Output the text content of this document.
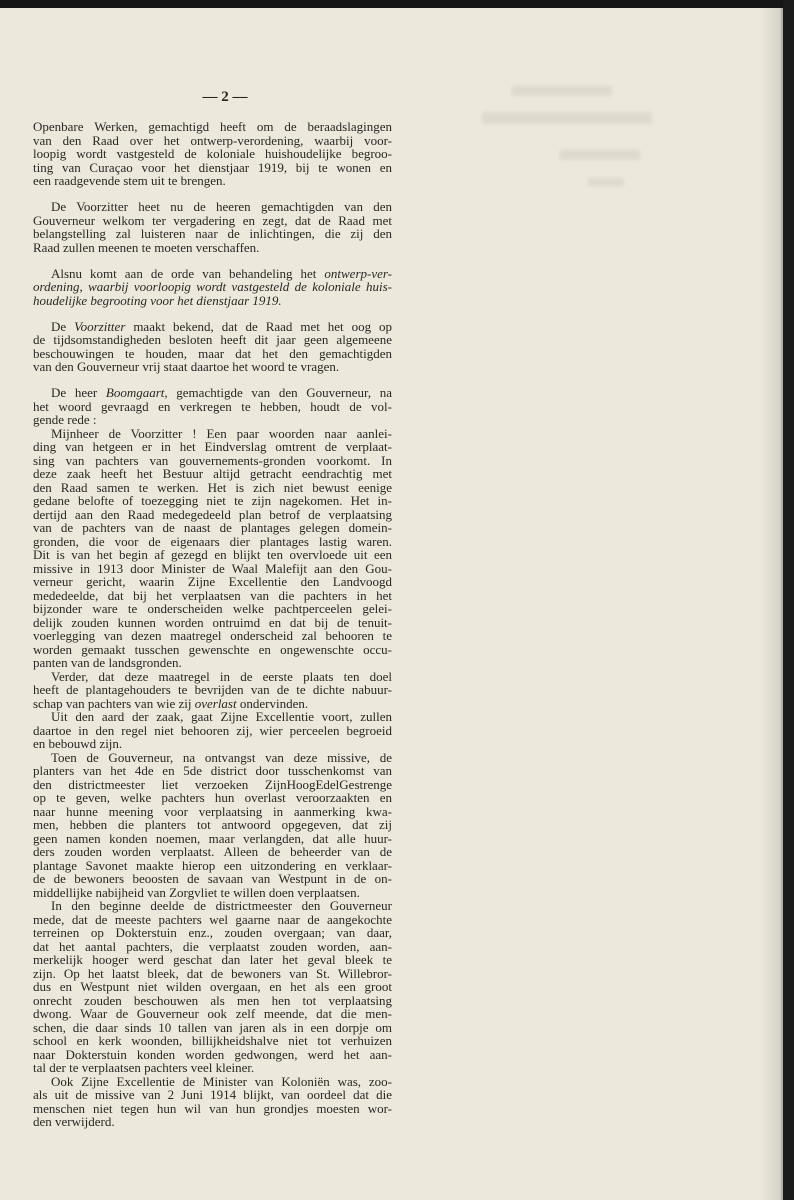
— 2 —
Openbare Werken, gemachtigd heeft om de beraadslagingen
van den Raad over het ontwerp-verordening, waarbij voor-
loopig wordt vastgesteld de koloniale huishoudelijke begroo-
ting van Curaçao voor het dienstjaar 1919, bij te wonen en
een raadgevende stem uit te brengen.
De Voorzitter heet nu de heeren gemachtigden van den
Gouverneur welkom ter vergadering en zegt, dat de Raad met
belangstelling zal luisteren naar de inlichtingen, die zij den
Raad zullen meenen te moeten verschaffen.
Alsnu komt aan de orde van behandeling het ontwerp-ver-
ordening, waarbij voorloopig wordt vastgesteld de koloniale huis-
houdelijke begrooting voor het dienstjaar 1919.
De Voorzitter maakt bekend, dat de Raad met het oog op
de tijdsomstandigheden besloten heeft dit jaar geen algemeene
beschouwingen te houden, maar dat het den gemachtigden
van den Gouverneur vrij staat daartoe het woord te vragen.
De heer Boomgaart, gemachtigde van den Gouverneur, na
het woord gevraagd en verkregen te hebben, houdt de vol-
gende rede :
Mijnheer de Voorzitter ! Een paar woorden naar aanlei-
ding van hetgeen er in het Eindverslag omtrent de verplaat-
sing van pachters van gouvernements-gronden voorkomt. In
deze zaak heeft het Bestuur altijd getracht eendrachtig met
den Raad samen te werken. Het is zich niet bewust eenige
gedane belofte of toezegging niet te zijn nagekomen. Het in-
dertijd aan den Raad medegedeeld plan betrof de verplaatsing
van de pachters van de naast de plantages gelegen domein-
gronden, die voor de eigenaars dier plantages lastig waren.
Dit is van het begin af gezegd en blijkt ten overvloede uit een
missive in 1913 door Minister de Waal Malefijt aan den Gou-
verneur gericht, waarin Zijne Excellentie den Landvoogd
mededeelde, dat bij het verplaatsen van die pachters in het
bijzonder ware te onderscheiden welke pachtperceelen gelei-
delijk zouden kunnen worden ontruimd en dat bij de tenuit-
voerlegging van dezen maatregel onderscheid zal behooren te
worden gemaakt tusschen gewenschte en ongewenschte occu-
panten van de landsgronden.
Verder, dat deze maatregel in de eerste plaats ten doel
heeft de plantagehouders te bevrijden van de te dichte nabuur-
schap van pachters van wie zij overlast ondervinden.
Uit den aard der zaak, gaat Zijne Excellentie voort, zullen
daartoe in den regel niet behooren zij, wier perceelen begroeid
en bebouwd zijn.
Toen de Gouverneur, na ontvangst van deze missive, de
planters van het 4de en 5de district door tusschenkomst van
den districtmeester liet verzoeken ZijnHoogEdelGestrenge
op te geven, welke pachters hun overlast veroorzaakten en
naar hunne meening voor verplaatsing in aanmerking kwa-
men, hebben die planters tot antwoord opgegeven, dat zij
geen namen konden noemen, maar verlangden, dat alle huur-
ders zouden worden verplaatst. Alleen de beheerder van de
plantage Savonet maakte hierop een uitzondering en verklaar-
de de bewoners beoosten de savaan van Westpunt in de on-
middellijke nabijheid van Zorgvliet te willen doen verplaatsen.
In den beginne deelde de districtmeester den Gouverneur
mede, dat de meeste pachters wel gaarne naar de aangekochte
terreinen op Dokterstuin enz., zouden overgaan; van daar,
dat het aantal pachters, die verplaatst zouden worden, aan-
merkelijk hooger werd geschat dan later het geval bleek te
zijn. Op het laatst bleek, dat de bewoners van St. Willebror-
dus en Westpunt niet wilden overgaan, en het als een groot
onrecht zouden beschouwen als men hen tot verplaatsing
dwong. Waar de Gouverneur ook zelf meende, dat die men-
schen, die daar sinds 10 tallen van jaren als in een dorpje om
school en kerk woonden, billijkheidshalve niet tot verhuizen
naar Dokterstuin konden worden gedwongen, werd het aan-
tal der te verplaatsen pachters veel kleiner.
Ook Zijne Excellentie de Minister van Koloniën was, zoo-
als uit de missive van 2 Juni 1914 blijkt, van oordeel dat die
menschen niet tegen hun wil van hun grondjes moesten wor-
den verwijderd.
